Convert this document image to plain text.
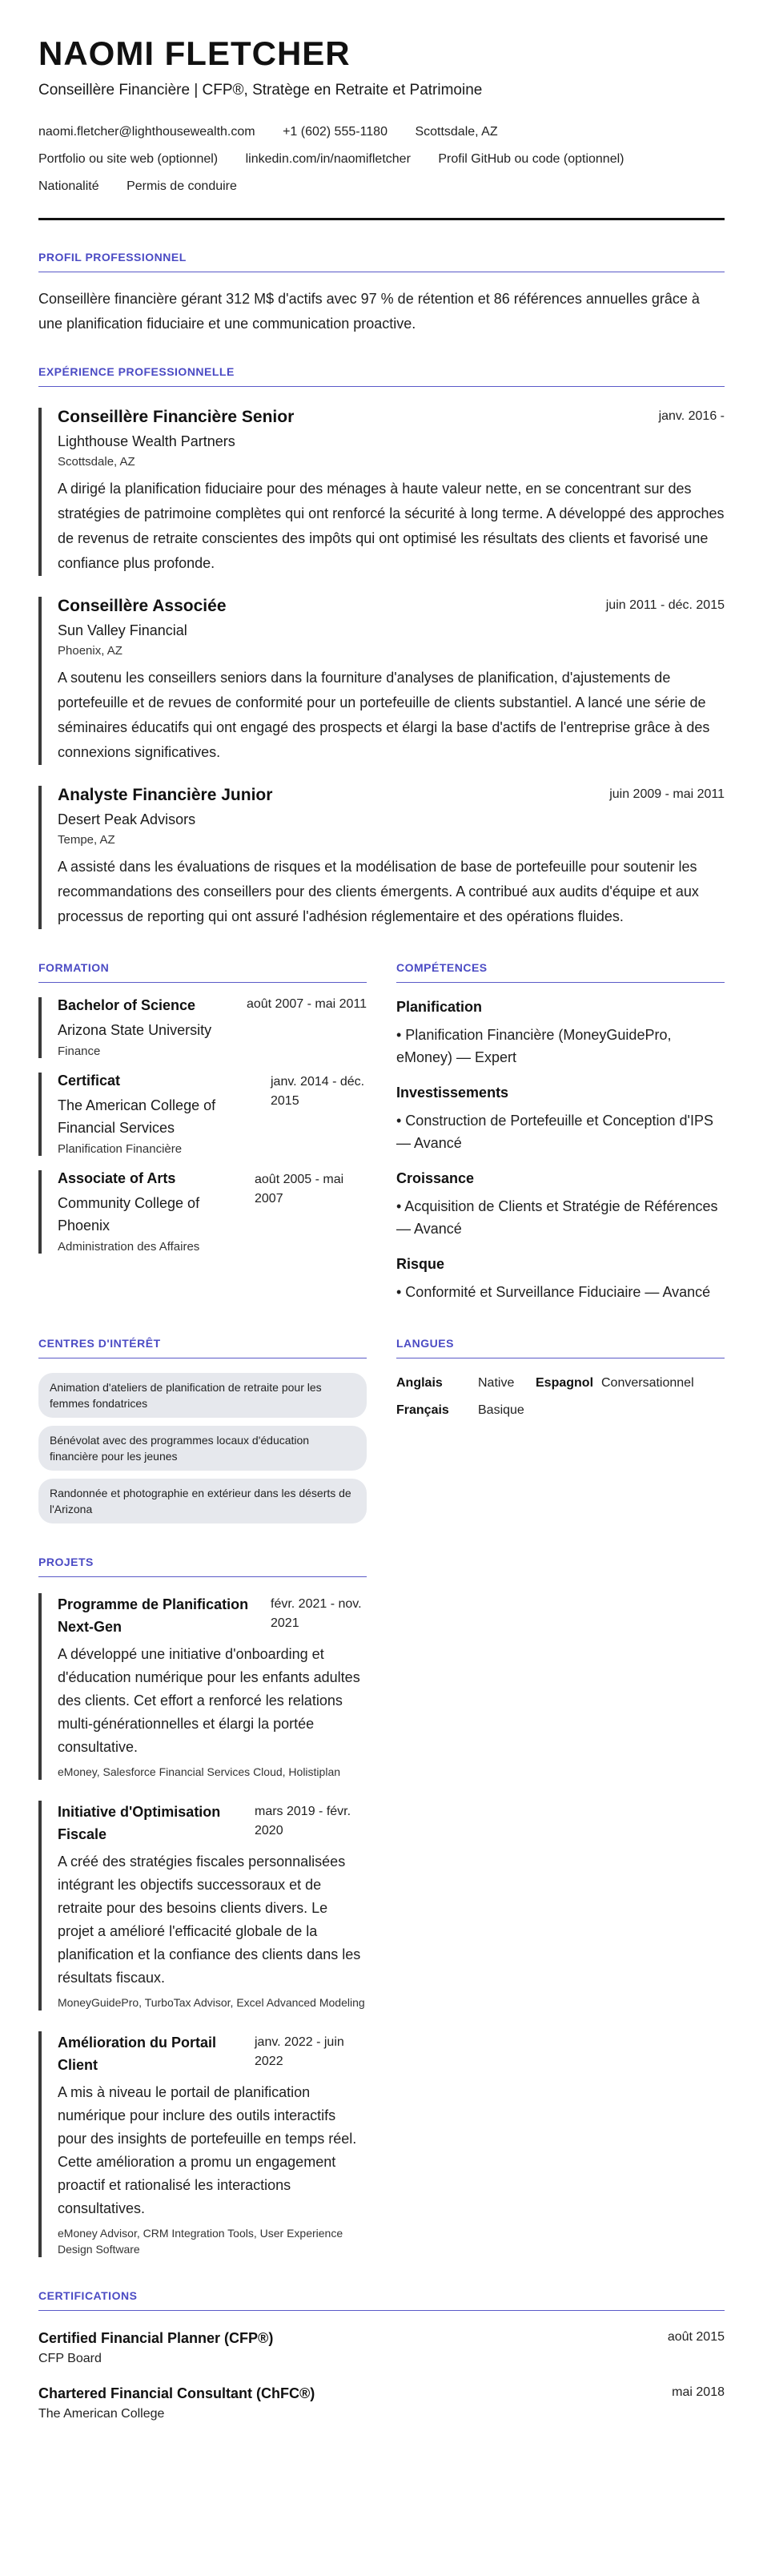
NAOMI FLETCHER
Conseillère Financière | CFP®, Stratège en Retraite et Patrimoine
naomi.fletcher@lighthousewealth.com +1 (602) 555-1180 Scottsdale, AZ
Portfolio ou site web (optionnel) linkedin.com/in/naomifletcher Profil GitHub ou code (optionnel)
Nationalité Permis de conduire
PROFIL PROFESSIONNEL

Conseillère financière gérant 312 M$ d'actifs avec 97 % de rétention et 86 références annuelles grâce à une planification fiduciaire et une communication proactive.

EXPÉRIENCE PROFESSIONNELLE
Conseillère Financière Senior	janv. 2016 -
Lighthouse Wealth Partners
Scottsdale, AZ
A dirigé la planification fiduciaire pour des ménages à haute valeur nette, en se concentrant sur des stratégies de patrimoine complètes qui ont renforcé la sécurité à long terme. A développé des approches de revenus de retraite conscientes des impôts qui ont optimisé les résultats des clients et favorisé une confiance plus profonde.
Conseillère Associée	juin 2011 - déc. 2015
Sun Valley Financial
Phoenix, AZ
A soutenu les conseillers seniors dans la fourniture d'analyses de planification, d'ajustements de portefeuille et de revues de conformité pour un portefeuille de clients substantiel. A lancé une série de séminaires éducatifs qui ont engagé des prospects et élargi la base d'actifs de l'entreprise grâce à des connexions significatives.
Analyste Financière Junior	juin 2009 - mai 2011
Desert Peak Advisors
Tempe, AZ
A assisté dans les évaluations de risques et la modélisation de base de portefeuille pour soutenir les recommandations des conseillers pour des clients émergents. A contribué aux audits d'équipe et aux processus de reporting qui ont assuré l'adhésion réglementaire et des opérations fluides.
FORMATION
Bachelor of Science	août 2007 - mai 2011
Arizona State University
Finance
Certificat
The American College of Financial Services
janv. 2014 - déc. 2015
Planification Financière
Associate of Arts
Community College of Phoenix
août 2005 - mai 2007
Administration des Affaires
COMPÉTENCES
Planification
• Planification Financière (MoneyGuidePro, eMoney) — Expert
Investissements
• Construction de Portefeuille et Conception d'IPS — Avancé
Croissance
• Acquisition de Clients et Stratégie de Références — Avancé
Risque
• Conformité et Surveillance Fiduciaire — Avancé
CENTRES D'INTÉRÊT
Animation d'ateliers de planification de retraite pour les femmes fondatrices
Bénévolat avec des programmes locaux d'éducation financière pour les jeunes
Randonnée et photographie en extérieur dans les déserts de l'Arizona
LANGUES
Anglais	Native	Espagnol Conversationnel
Français	Basique
PROJETS
Programme de Planification Next-Gen
févr. 2021 - nov. 2021
A développé une initiative d'onboarding et d'éducation numérique pour les enfants adultes des clients. Cet effort a renforcé les relations multi-générationnelles et élargi la portée consultative.
eMoney, Salesforce Financial Services Cloud, Holistiplan
Initiative d'Optimisation Fiscale
mars 2019 - févr. 2020
A créé des stratégies fiscales personnalisées intégrant les objectifs successoraux et de retraite pour des besoins clients divers. Le projet a amélioré l'efficacité globale de la planification et la confiance des clients dans les résultats fiscaux.
MoneyGuidePro, TurboTax Advisor, Excel Advanced Modeling
Amélioration du Portail Client
janv. 2022 - juin 2022
A mis à niveau le portail de planification numérique pour inclure des outils interactifs pour des insights de portefeuille en temps réel. Cette amélioration a promu un engagement proactif et rationalisé les interactions consultatives.
eMoney Advisor, CRM Integration Tools, User Experience Design Software
CERTIFICATIONS
Certified Financial Planner (CFP®)	août 2015
CFP Board
Chartered Financial Consultant (ChFC®)	mai 2018
The American College
